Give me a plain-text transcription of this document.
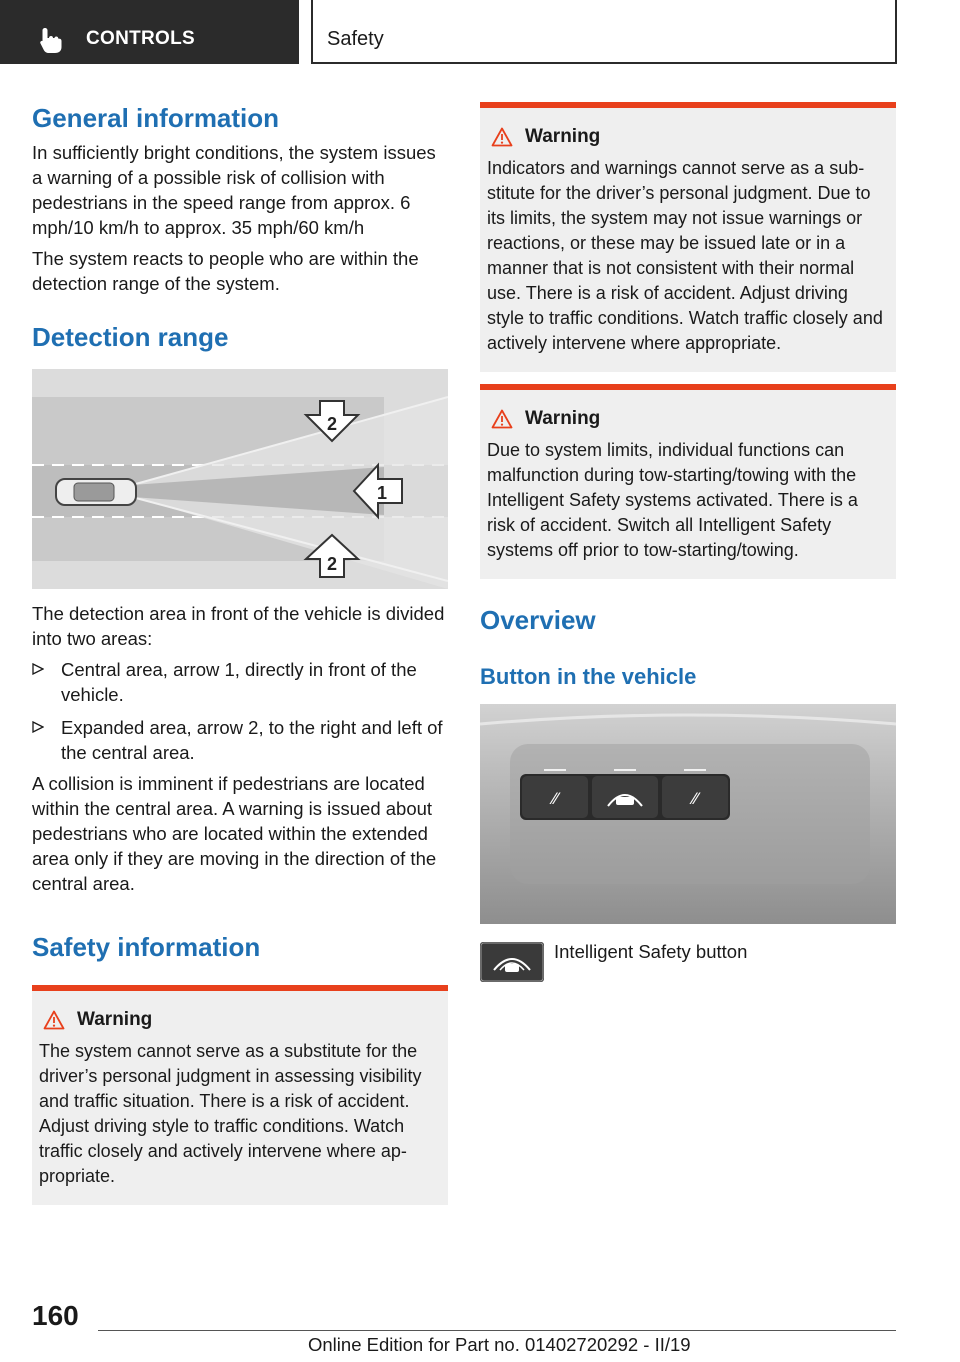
CONTROLS	Safety
General information

In sufficiently bright conditions, the system issues a warning of a possible risk of collision with pedestrians in the speed range from approx. 6 mph/10 km/h to approx. 35 mph/60 km/h

The system reacts to people who are within the detection range of the system.

Detection range
1
2
2

The detection area in front of the vehicle is divided into two areas:

Central area, arrow 1, directly in front of the vehicle.
Expanded area, arrow 2, to the right and left of the central area.

A collision is imminent if pedestrians are located within the central area. A warning is issued about pedestrians who are located within the extended area only if they are moving in the direction of the central area.

Safety information
Warning

The system cannot serve as a substitute for the driver’s personal judgment in assessing visibility and traffic situation. There is a risk of accident. Adjust driving style to traffic conditions. Watch traffic closely and actively intervene where appropriate.

Warning

Indicators and warnings cannot serve as a substitute for the driver’s personal judgment. Due to its limits, the system may not issue warnings or reactions, or these may be issued late or in a manner that is not consistent with their normal use. There is a risk of accident. Adjust driving style to traffic conditions. Watch traffic closely and actively intervene where appropriate.

Warning

Due to system limits, individual functions can malfunction during tow-starting/towing with the Intelligent Safety systems activated. There is a risk of accident. Switch all Intelligent Safety systems off prior to tow-starting/towing.

Overview
Button in the vehicle
⁄⁄	⁄⁄

Intelligent Safety button

160
Online Edition for Part no. 01402720292 - II/19
